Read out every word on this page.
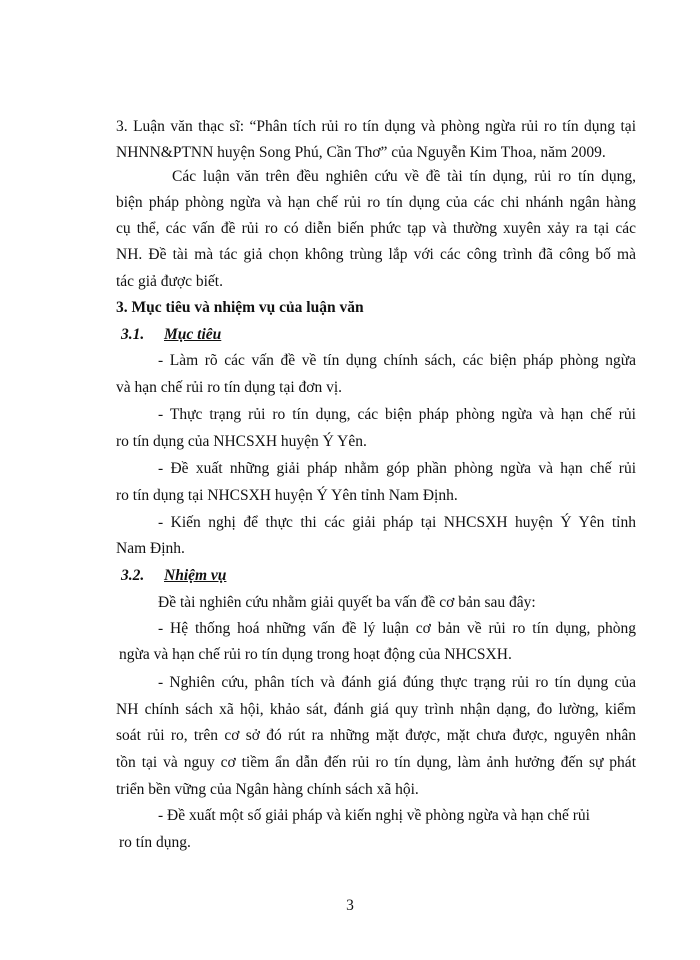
3. Luận văn thạc sĩ: “Phân tích rủi ro tín dụng và phòng ngừa rủi ro tín dụng tại
NHNN&PTNN huyện Song Phú, Cần Thơ” của Nguyễn Kim Thoa, năm 2009.
Các luận văn trên đều nghiên cứu về đề tài tín dụng, rủi ro tín dụng,
biện pháp phòng ngừa và hạn chế rủi ro tín dụng của các chi nhánh ngân hàng
cụ thể, các vấn đề rủi ro có diễn biến phức tạp và thường xuyên xảy ra tại các
NH. Đề tài mà tác giả chọn không trùng lắp với các công trình đã công bố mà
tác giả được biết.
3. Mục tiêu và nhiệm vụ của luận văn
3.1. Mục tiêu
- Làm rõ các vấn đề về tín dụng chính sách, các biện pháp phòng ngừa
và hạn chế rủi ro tín dụng tại đơn vị.
- Thực trạng rủi ro tín dụng, các biện pháp phòng ngừa và hạn chế rủi
ro tín dụng của NHCSXH huyện Ý Yên.
- Đề xuất những giải pháp nhằm góp phần phòng ngừa và hạn chế rủi
ro tín dụng tại NHCSXH huyện Ý Yên tỉnh Nam Định.
- Kiến nghị để thực thi các giải pháp tại NHCSXH huyện Ý Yên tỉnh
Nam Định.
3.2. Nhiệm vụ
Đề tài nghiên cứu nhằm giải quyết ba vấn đề cơ bản sau đây:
- Hệ thống hoá những vấn đề lý luận cơ bản về rủi ro tín dụng, phòng
ngừa và hạn chế rủi ro tín dụng trong hoạt động của NHCSXH.
- Nghiên cứu, phân tích và đánh giá đúng thực trạng rủi ro tín dụng của
NH chính sách xã hội, khảo sát, đánh giá quy trình nhận dạng, đo lường, kiểm
soát rủi ro, trên cơ sở đó rút ra những mặt được, mặt chưa được, nguyên nhân
tồn tại và nguy cơ tiềm ẩn dẫn đến rủi ro tín dụng, làm ảnh hưởng đến sự phát
triển bền vững của Ngân hàng chính sách xã hội.
- Đề xuất một số giải pháp và kiến nghị về phòng ngừa và hạn chế rủi
ro tín dụng.
3
